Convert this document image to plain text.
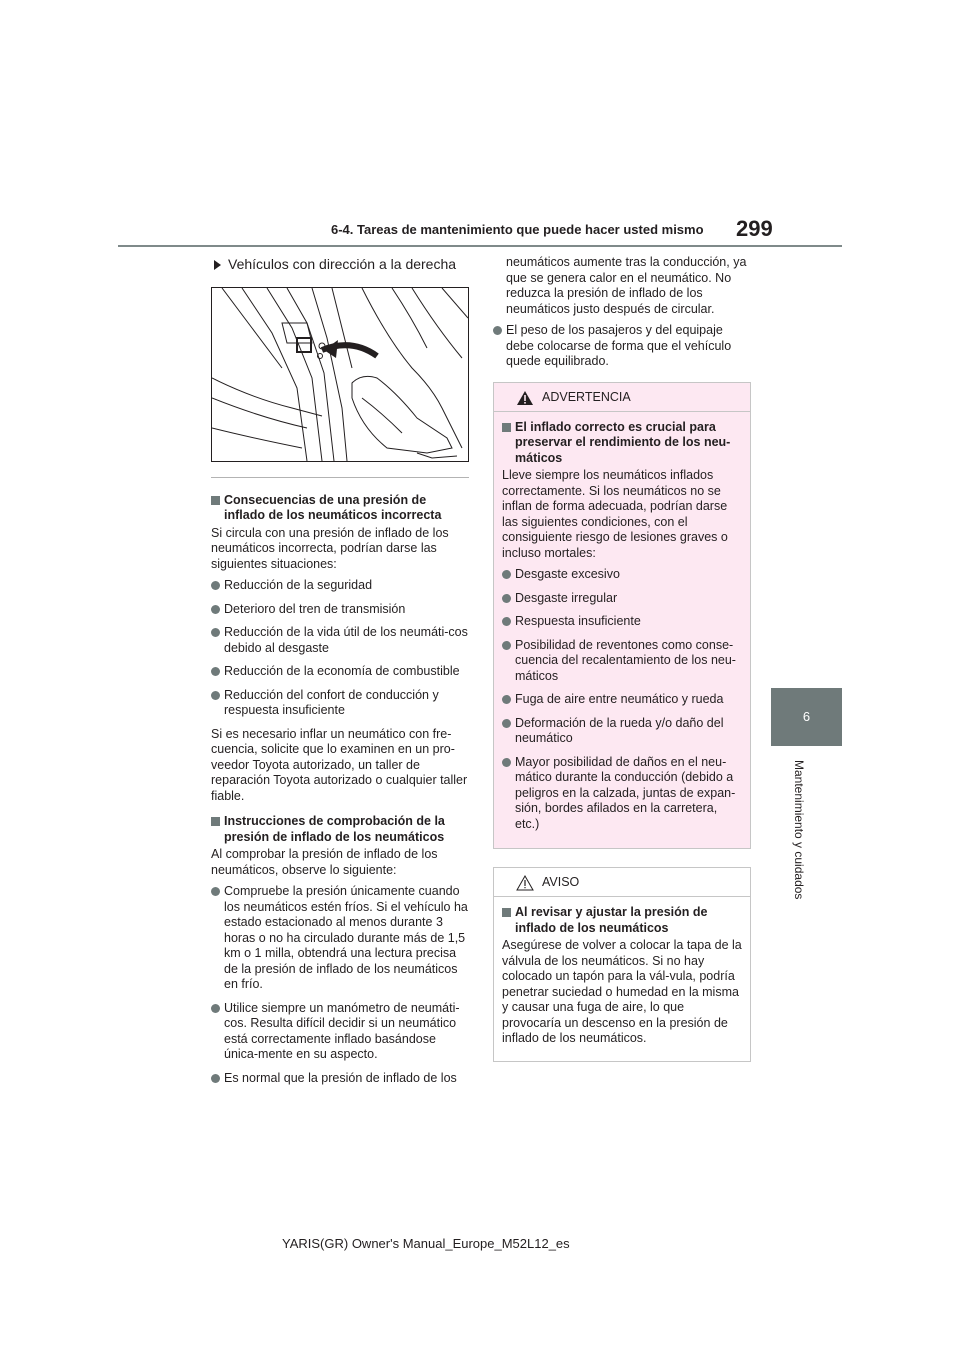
6-4. Tareas de mantenimiento que puede hacer usted mismo 299
6
Mantenimiento y cuidados
Vehículos con dirección a la derecha
Consecuencias de una presión de inflado de los neumáticos incorrecta

Si circula con una presión de inflado de los neumáticos incorrecta, podrían darse las siguientes situaciones:

Reducción de la seguridad
Deterioro del tren de transmisión
Reducción de la vida útil de los neumáti-cos debido al desgaste
Reducción de la economía de combustible
Reducción del confort de conducción y respuesta insuficiente

Si es necesario inflar un neumático con fre-cuencia, solicite que lo examinen en un pro-veedor Toyota autorizado, un taller de reparación Toyota autorizado o cualquier taller fiable.

Instrucciones de comprobación de la presión de inflado de los neumáticos

Al comprobar la presión de inflado de los neumáticos, observe lo siguiente:

Compruebe la presión únicamente cuando los neumáticos estén fríos. Si el vehículo ha estado estacionado al menos durante 3 horas o no ha circulado durante más de 1,5 km o 1 milla, obtendrá una lectura precisa de la presión de inflado de los neumáticos en frío.
Utilice siempre un manómetro de neumáti-cos. Resulta difícil decidir si un neumático está correctamente inflado basándose única-mente en su aspecto.
Es normal que la presión de inflado de los

neumáticos aumente tras la conducción, ya que se genera calor en el neumático. No reduzca la presión de inflado de los neumáticos justo después de circular.

El peso de los pasajeros y del equipaje debe colocarse de forma que el vehículo quede equilibrado.
ADVERTENCIA
El inflado correcto es crucial para preservar el rendimiento de los neu-máticos

Lleve siempre los neumáticos inflados correctamente. Si los neumáticos no se inflan de forma adecuada, podrían darse las siguientes condiciones, con el consiguiente riesgo de lesiones graves o incluso mortales:

Desgaste excesivo
Desgaste irregular
Respuesta insuficiente
Posibilidad de reventones como conse-cuencia del recalentamiento de los neu-máticos
Fuga de aire entre neumático y rueda
Deformación de la rueda y/o daño del neumático
Mayor posibilidad de daños en el neu-mático durante la conducción (debido a peligros en la calzada, juntas de expan-sión, bordes afilados en la carretera, etc.)
AVISO
Al revisar y ajustar la presión de inflado de los neumáticos

Asegúrese de volver a colocar la tapa de la válvula de los neumáticos. Si no hay colocado un tapón para la vál-vula, podría penetrar suciedad o humedad en la misma y causar una fuga de aire, lo que provocaría un descenso en la presión de inflado de los neumáticos.

YARIS(GR) Owner's Manual_Europe_M52L12_es
